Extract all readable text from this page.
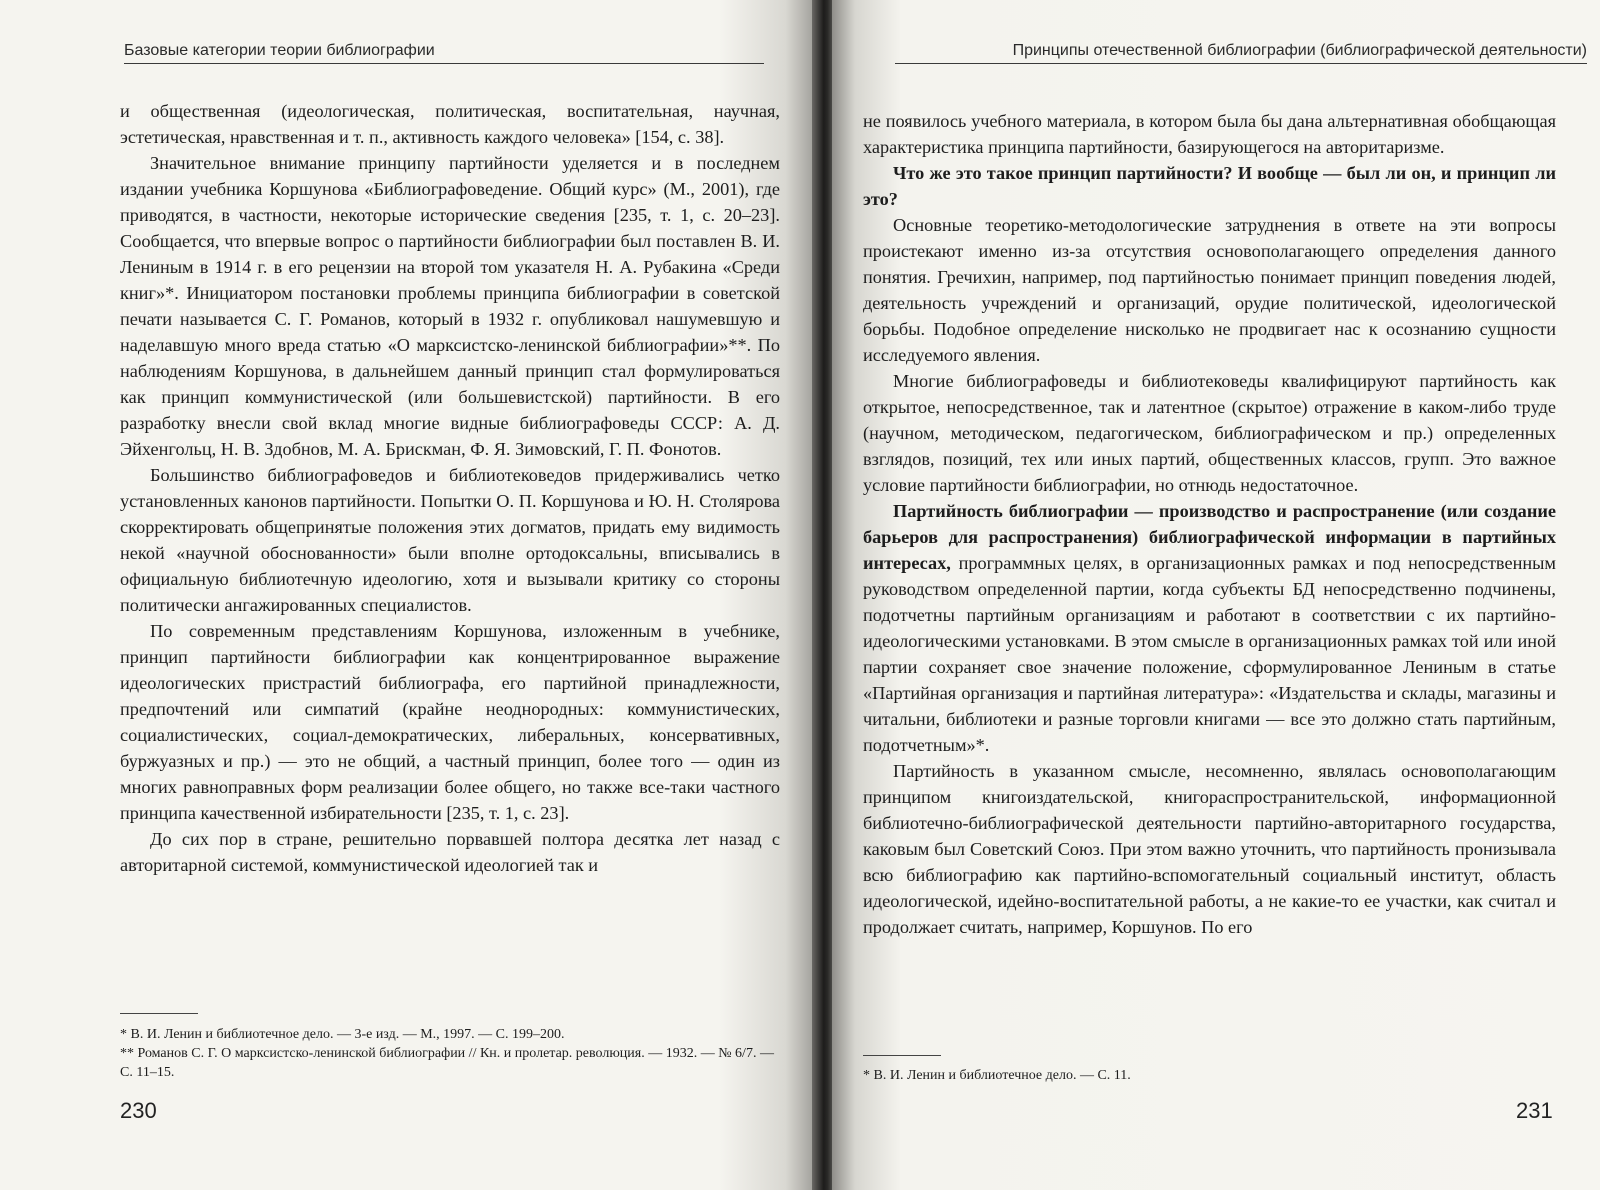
Базовые категории теории библиографии

и общественная (идеологическая, политическая, воспитательная, научная, эстетическая, нравственная и т. п., активность каждого человека» [154, с. 38].

Значительное внимание принципу партийности уделяется и в последнем издании учебника Коршунова «Библиографоведение. Общий курс» (М., 2001), где приводятся, в частности, некоторые исторические сведения [235, т. 1, с. 20–23]. Сообщается, что впервые вопрос о партийности библиографии был поставлен В. И. Лениным в 1914 г. в его рецензии на второй том указателя Н. А. Рубакина «Среди книг»*. Инициатором постановки проблемы принципа библиографии в советской печати называется С. Г. Романов, который в 1932 г. опубликовал нашумевшую и наделавшую много вреда статью «О марксистско-ленинской библиографии»**. По наблюдениям Коршунова, в дальнейшем данный принцип стал формулироваться как принцип коммунистической (или большевистской) партийности. В его разработку внесли свой вклад многие видные библиографоведы СССР: А. Д. Эйхенгольц, Н. В. Здобнов, М. А. Брискман, Ф. Я. Зимовский, Г. П. Фонотов.

Большинство библиографоведов и библиотековедов придерживались четко установленных канонов партийности. Попытки О. П. Коршунова и Ю. Н. Столярова скорректировать общепринятые положения этих догматов, придать ему видимость некой «научной обоснованности» были вполне ортодоксальны, вписывались в официальную библиотечную идеологию, хотя и вызывали критику со стороны политически ангажированных специалистов.

По современным представлениям Коршунова, изложенным в учебнике, принцип партийности библиографии как концентрированное выражение идеологических пристрастий библиографа, его партийной принадлежности, предпочтений или симпатий (крайне неоднородных: коммунистических, социалистических, социал-демократических, либеральных, консервативных, буржуазных и пр.) — это не общий, а частный принцип, более того — один из многих равноправных форм реализации более общего, но также все-таки частного принципа качественной избирательности [235, т. 1, с. 23].

До сих пор в стране, решительно порвавшей полтора десятка лет назад с авторитарной системой, коммунистической идеологией так и

* В. И. Ленин и библиотечное дело. — 3-е изд. — М., 1997. — С. 199–200.
** Романов С. Г. О марксистско-ленинской библиографии // Кн. и пролетар. революция. — 1932. — № 6/7. — С. 11–15.
230
Принципы отечественной библиографии (библиографической деятельности)

не появилось учебного материала, в котором была бы дана альтернативная обобщающая характеристика принципа партийности, базирующегося на авторитаризме.

Что же это такое принцип партийности? И вообще — был ли он, и принцип ли это?

Основные теоретико-методологические затруднения в ответе на эти вопросы проистекают именно из-за отсутствия основополагающего определения данного понятия. Гречихин, например, под партийностью понимает принцип поведения людей, деятельность учреждений и организаций, орудие политической, идеологической борьбы. Подобное определение нисколько не продвигает нас к осознанию сущности исследуемого явления.

Многие библиографоведы и библиотековеды квалифицируют партийность как открытое, непосредственное, так и латентное (скрытое) отражение в каком-либо труде (научном, методическом, педагогическом, библиографическом и пр.) определенных взглядов, позиций, тех или иных партий, общественных классов, групп. Это важное условие партийности библиографии, но отнюдь недостаточное.

Партийность библиографии — производство и распространение (или создание барьеров для распространения) библиографической информации в партийных интересах, программных целях, в организационных рамках и под непосредственным руководством определенной партии, когда субъекты БД непосредственно подчинены, подотчетны партийным организациям и работают в соответствии с их партийно-идеологическими установками. В этом смысле в организационных рамках той или иной партии сохраняет свое значение положение, сформулированное Лениным в статье «Партийная организация и партийная литература»: «Издательства и склады, магазины и читальни, библиотеки и разные торговли книгами — все это должно стать партийным, подотчетным»*.

Партийность в указанном смысле, несомненно, являлась основополагающим принципом книгоиздательской, книгораспространительской, информационной библиотечно-библиографической деятельности партийно-авторитарного государства, каковым был Советский Союз. При этом важно уточнить, что партийность пронизывала всю библиографию как партийно-вспомогательный социальный институт, область идеологической, идейно-воспитательной работы, а не какие-то ее участки, как считал и продолжает считать, например, Коршунов. По его

* В. И. Ленин и библиотечное дело. — С. 11.
231
